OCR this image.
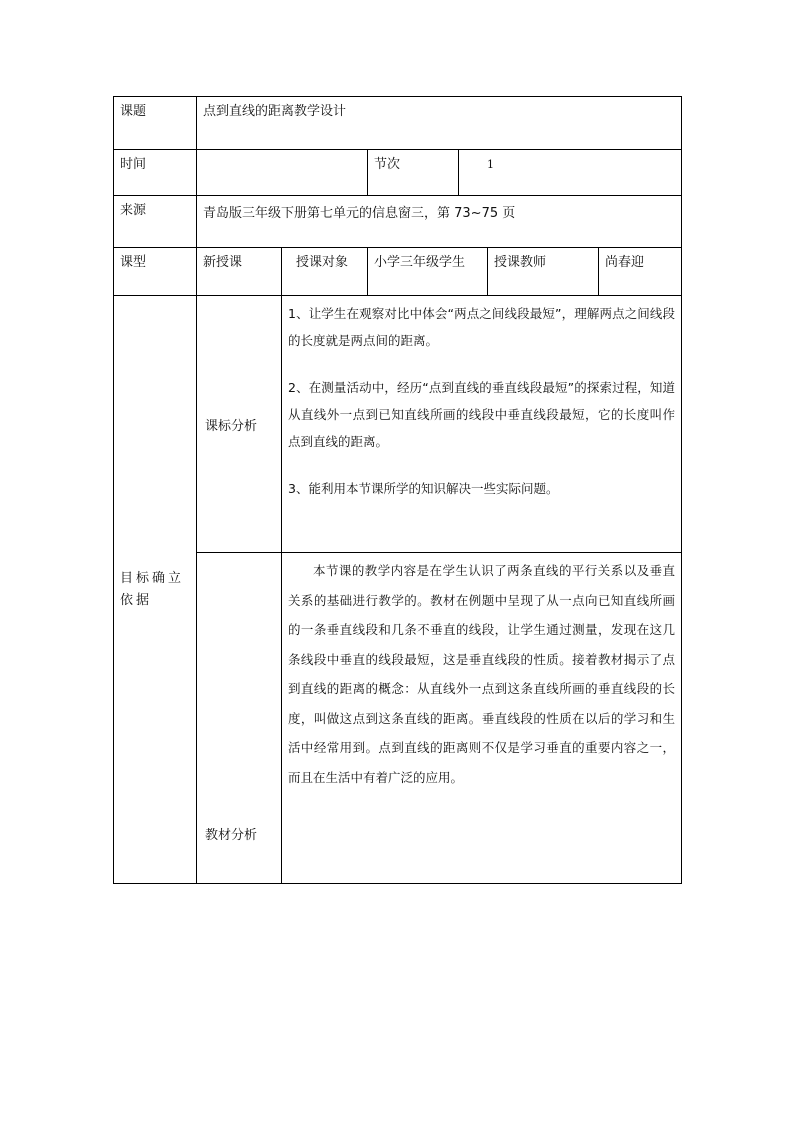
课题	点到直线的距离教学设计					

时间			节次	1		

来源	青岛版三年级下册第七单元的信息窗三，第 73~75 页					

课型	新授课	授课对象	小学三年级学生		授课教师	尚春迎

目标确立依据	课标分析	1、让学生在观察对比中体会“两点之间线段最短”，理解两点之间线段的长度就是两点间的距离。
2、在测量活动中，经历“点到直线的垂直线段最短”的探索过程，知道从直线外一点到已知直线所画的线段中垂直线段最短，它的长度叫作点到直线的距离。
3、能利用本节课所学的知识解决一些实际问题。				

	教材分析	本节课的教学内容是在学生认识了两条直线的平行关系以及垂直关系的基础进行教学的。教材在例题中呈现了从一点向已知直线所画的一条垂直线段和几条不垂直的线段，让学生通过测量，发现在这几条线段中垂直的线段最短，这是垂直线段的性质。接着教材揭示了点到直线的距离的概念：从直线外一点到这条直线所画的垂直线段的长度，叫做这点到这条直线的距离。垂直线段的性质在以后的学习和生活中经常用到。点到直线的距离则不仅是学习垂直的重要内容之一，而且在生活中有着广泛的应用。				
